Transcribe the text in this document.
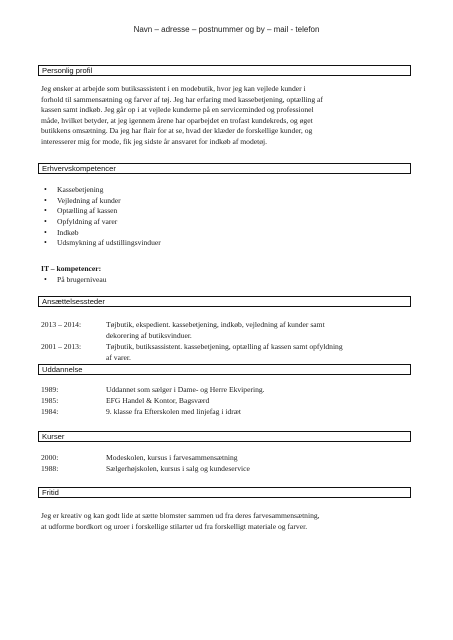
Navn – adresse – postnummer og by – mail - telefon
Personlig profil
Jeg ønsker at arbejde som butiksassistent i en modebutik, hvor jeg kan vejlede kunder i
forhold til sammensætning og farver af tøj. Jeg har erfaring med kassebetjening, optælling af
kassen samt indkøb. Jeg går op i at vejlede kunderne på en serviceminded og professionel
måde, hvilket betyder, at jeg igennem årene har oparbejdet en trofast kundekreds, og øget
butikkens omsætning. Da jeg har flair for at se, hvad der klæder de forskellige kunder, og
interesserer mig for mode, fik jeg sidste år ansvaret for indkøb af modetøj.
Erhvervskompetencer
• Kassebetjening
• Vejledning af kunder
• Optælling af kassen
• Opfyldning af varer
• Indkøb
• Udsmykning af udstillingsvinduer
IT – kompetencer:
• På brugerniveau
Ansættelsessteder
2013 – 2014:	Tøjbutik, ekspedient. kassebetjening, indkøb, vejledning af kunder samt
dekorering af butiksvinduer.
2001 – 2013:	Tøjbutik, butiksassistent. kassebetjening, optælling af kassen samt opfyldning
af varer.
Uddannelse
1989:	Uddannet som sælger i Dame- og Herre Ekvipering.
1985:	EFG Handel & Kontor, Bagsværd
1984:	9. klasse fra Efterskolen med linjefag i idræt
Kurser
2000:	Modeskolen, kursus i farvesammensætning
1988:	Sælgerhøjskolen, kursus i salg og kundeservice
Fritid
Jeg er kreativ og kan godt lide at sætte blomster sammen ud fra deres farvesammensætning,
at udforme bordkort og uroer i forskellige stilarter ud fra forskelligt materiale og farver.
